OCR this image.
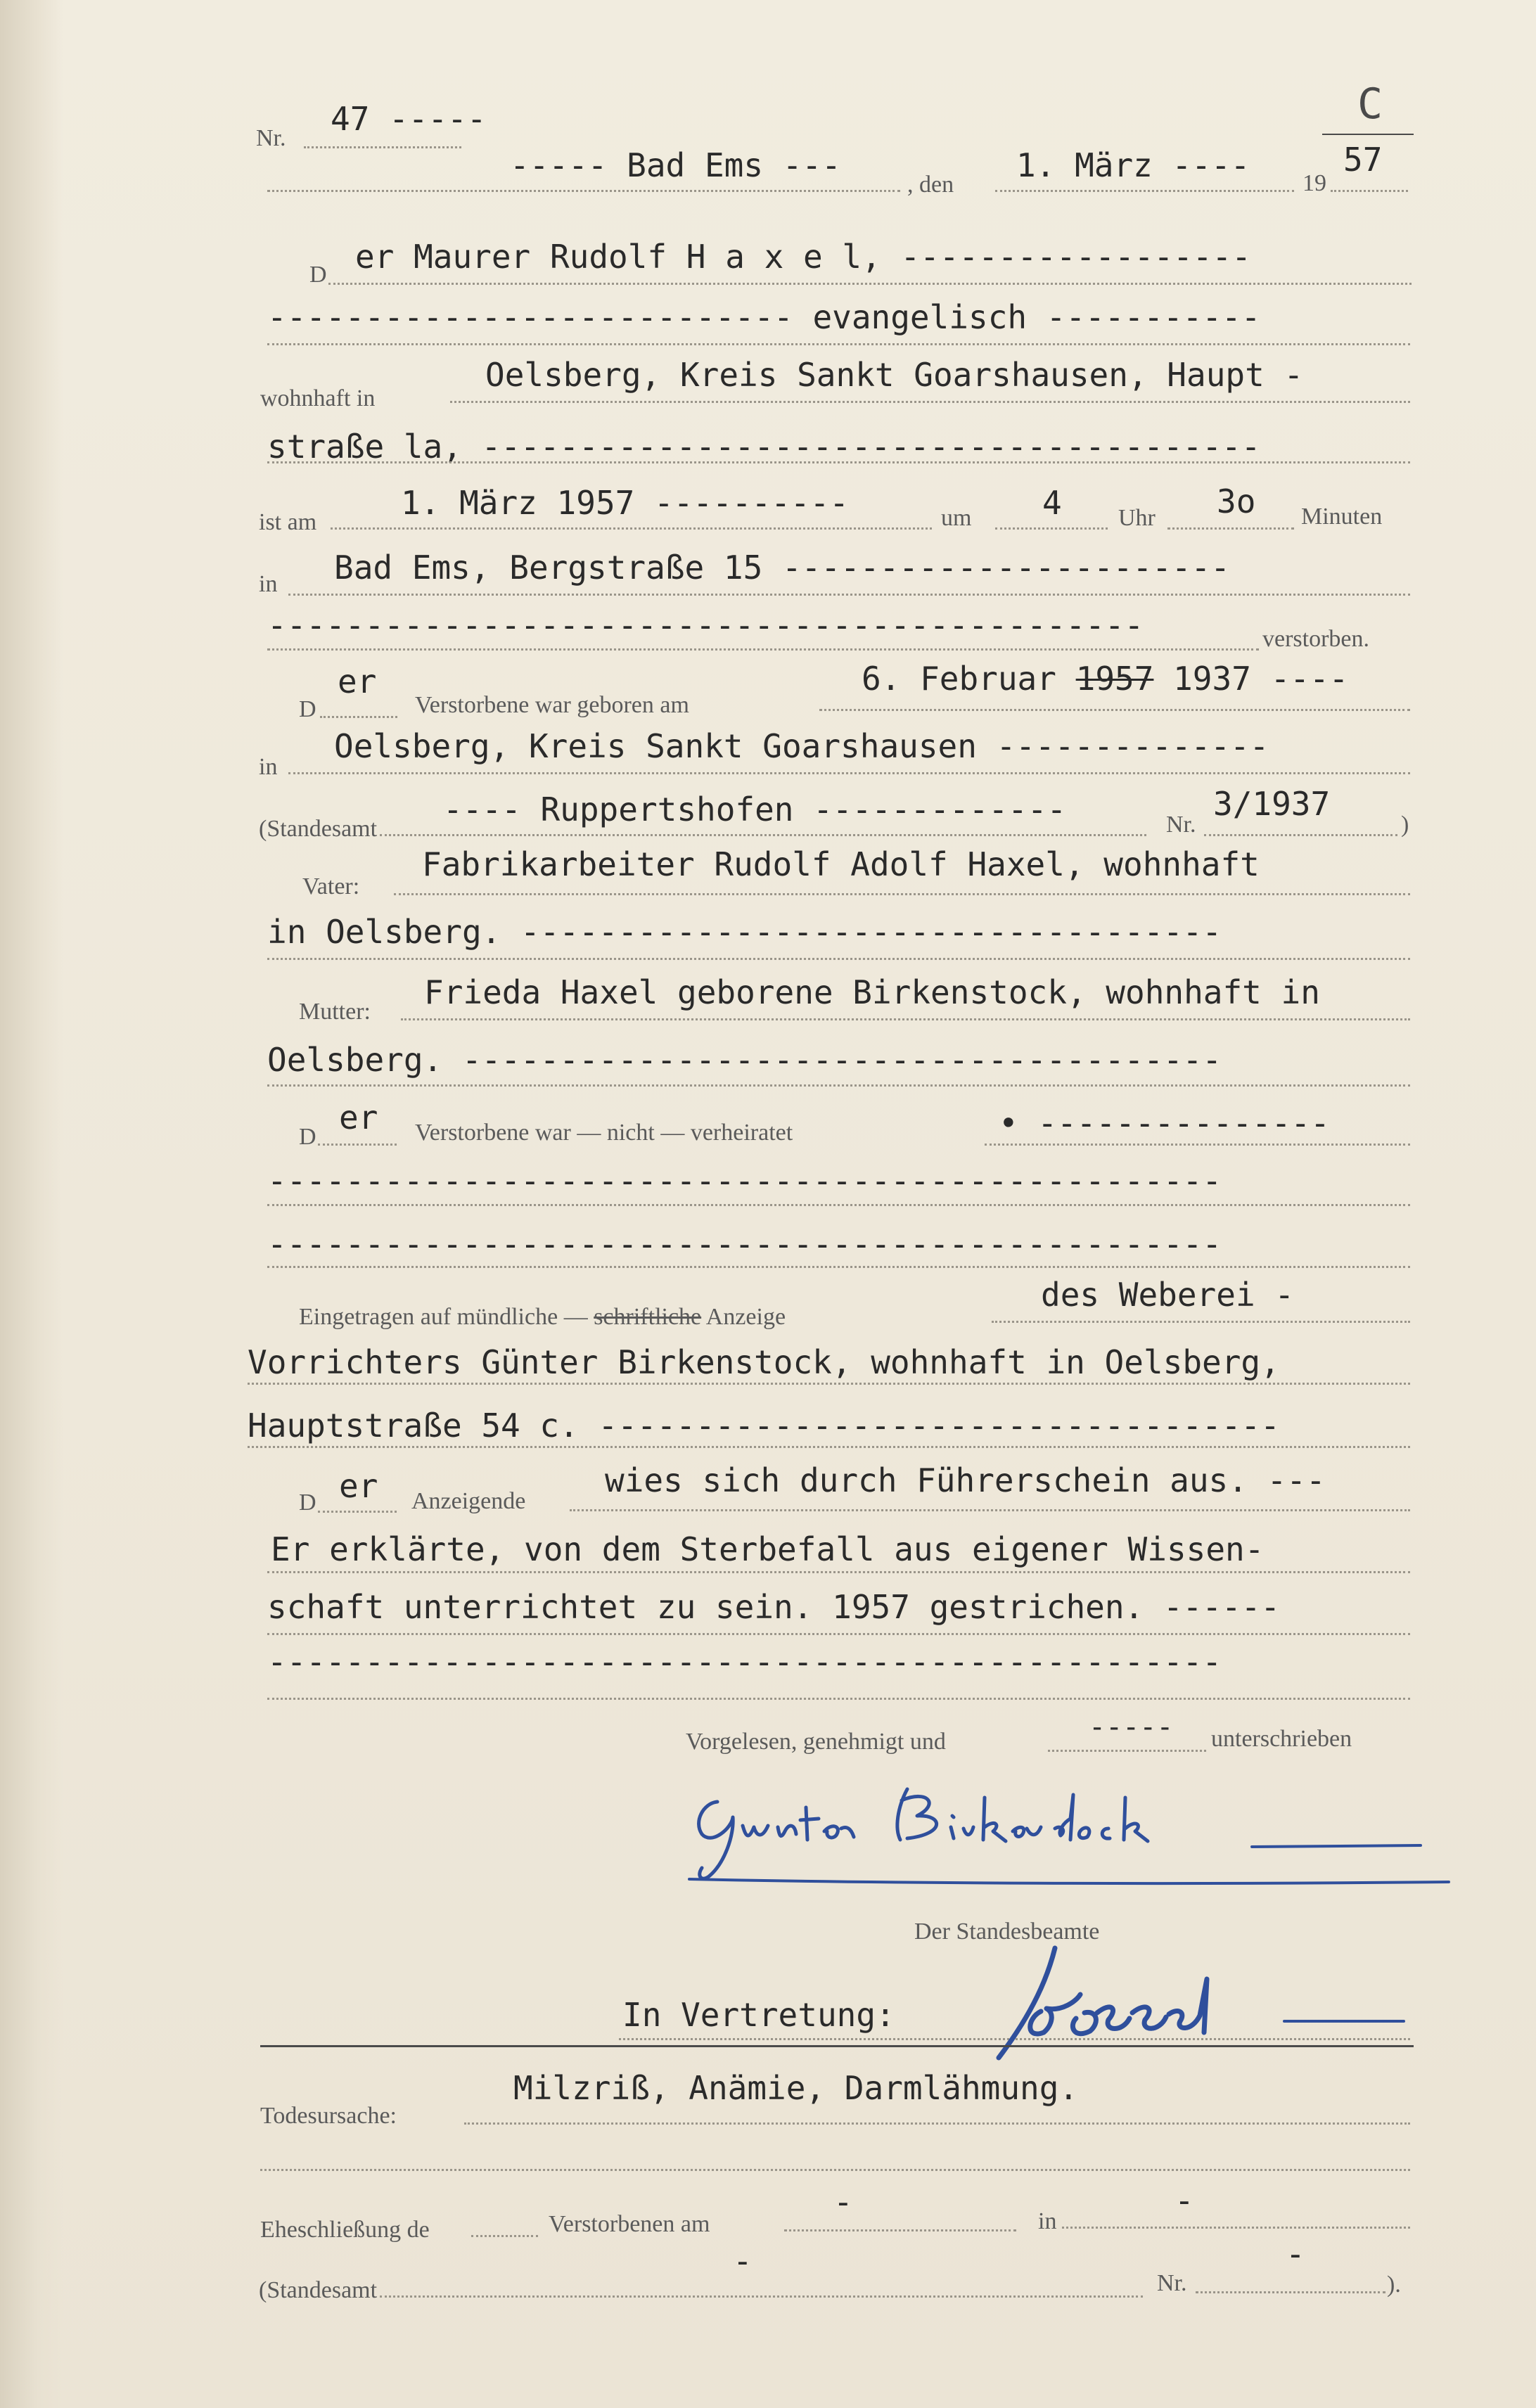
Nr.
47 -----	C
----- Bad Ems ---
, den
1. März ---- 19
57
D er Maurer Rudolf H a x e l, ------------------
--------------------------- evangelisch -----------
wohnhaft in
Oelsberg, Kreis Sankt Goarshausen, Haupt -
straße la, ----------------------------------------
ist am
1. März 1957 ----------	um 4 Uhr 3o Minuten
in Bad Ems, Bergstraße 15 -----------------------
---------------------------------------------	verstorben.
D
er
Verstorbene war geboren am
6. Februar 1957 1937 ----
in
Oelsberg, Kreis Sankt Goarshausen --------------
(Standesamt
---- Ruppertshofen -------------	Nr.
3/1937
)
Vater:
Fabrikarbeiter Rudolf Adolf Haxel, wohnhaft
in Oelsberg. ------------------------------------
Mutter:
Frieda Haxel geborene Birkenstock, wohnhaft in
Oelsberg. ---------------------------------------
D
er Verstorbene war — nicht — verheiratet	• ---------------
-------------------------------------------------
-------------------------------------------------
Eingetragen auf mündliche — schriftliche Anzeige
des Weberei -
Vorrichters Günter Birkenstock, wohnhaft in Oelsberg,
Hauptstraße 54 c. -----------------------------------
D er Anzeigende
wies sich durch Führerschein aus. ---
Er erklärte, von dem Sterbefall aus eigener Wissen-
schaft unterrichtet zu sein. 1957 gestrichen. ------
-------------------------------------------------
Vorgelesen, genehmigt und	----- unterschrieben
Der Standesbeamte
In Vertretung:
Todesursache:
Milzriß, Anämie, Darmlähmung.
Eheschließung de	Verstorbenen am
-
in
-
(Standesamt
-
Nr.
-
).
